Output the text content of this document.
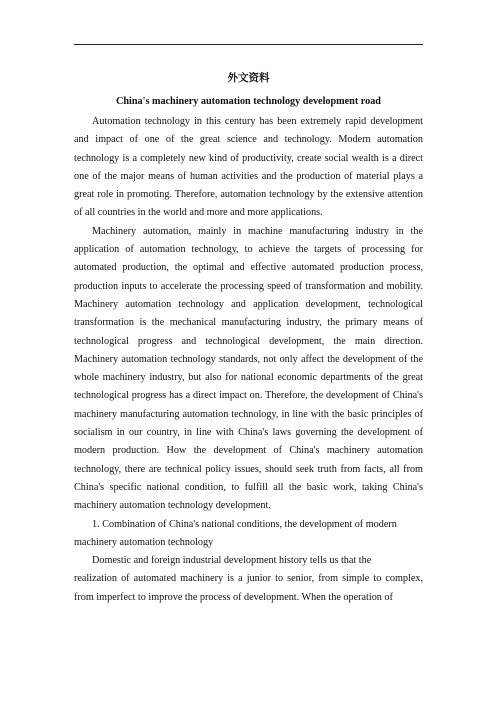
外文资料
China's machinery automation technology development road

Automation technology in this century has been extremely rapid development and impact of one of the great science and technology. Modern automation technology is a completely new kind of productivity, create social wealth is a direct one of the major means of human activities and the production of material plays a great role in promoting. Therefore, automation technology by the extensive attention of all countries in the world and more and more applications.

Machinery automation, mainly in machine manufacturing industry in the application of automation technology, to achieve the targets of processing for automated production, the optimal and effective automated production process, production inputs to accelerate the processing speed of transformation and mobility. Machinery automation technology and application development, technological transformation is the mechanical manufacturing industry, the primary means of technological progress and technological development, the main direction. Machinery automation technology standards, not only affect the development of the whole machinery industry, but also for national economic departments of the great technological progress has a direct impact on. Therefore, the development of China's machinery manufacturing automation technology, in line with the basic principles of socialism in our country, in line with China's laws governing the development of modern production. How the development of China's machinery automation technology, there are technical policy issues, should seek truth from facts, all from China's specific national condition, to fulfill all the basic work, taking China's machinery automation technology development.

1. Combination of China's national conditions, the development of modern machinery automation technology

Domestic and foreign industrial development history tells us that the

realization of automated machinery is a junior to senior, from simple to complex, from imperfect to improve the process of development. When the operation of
